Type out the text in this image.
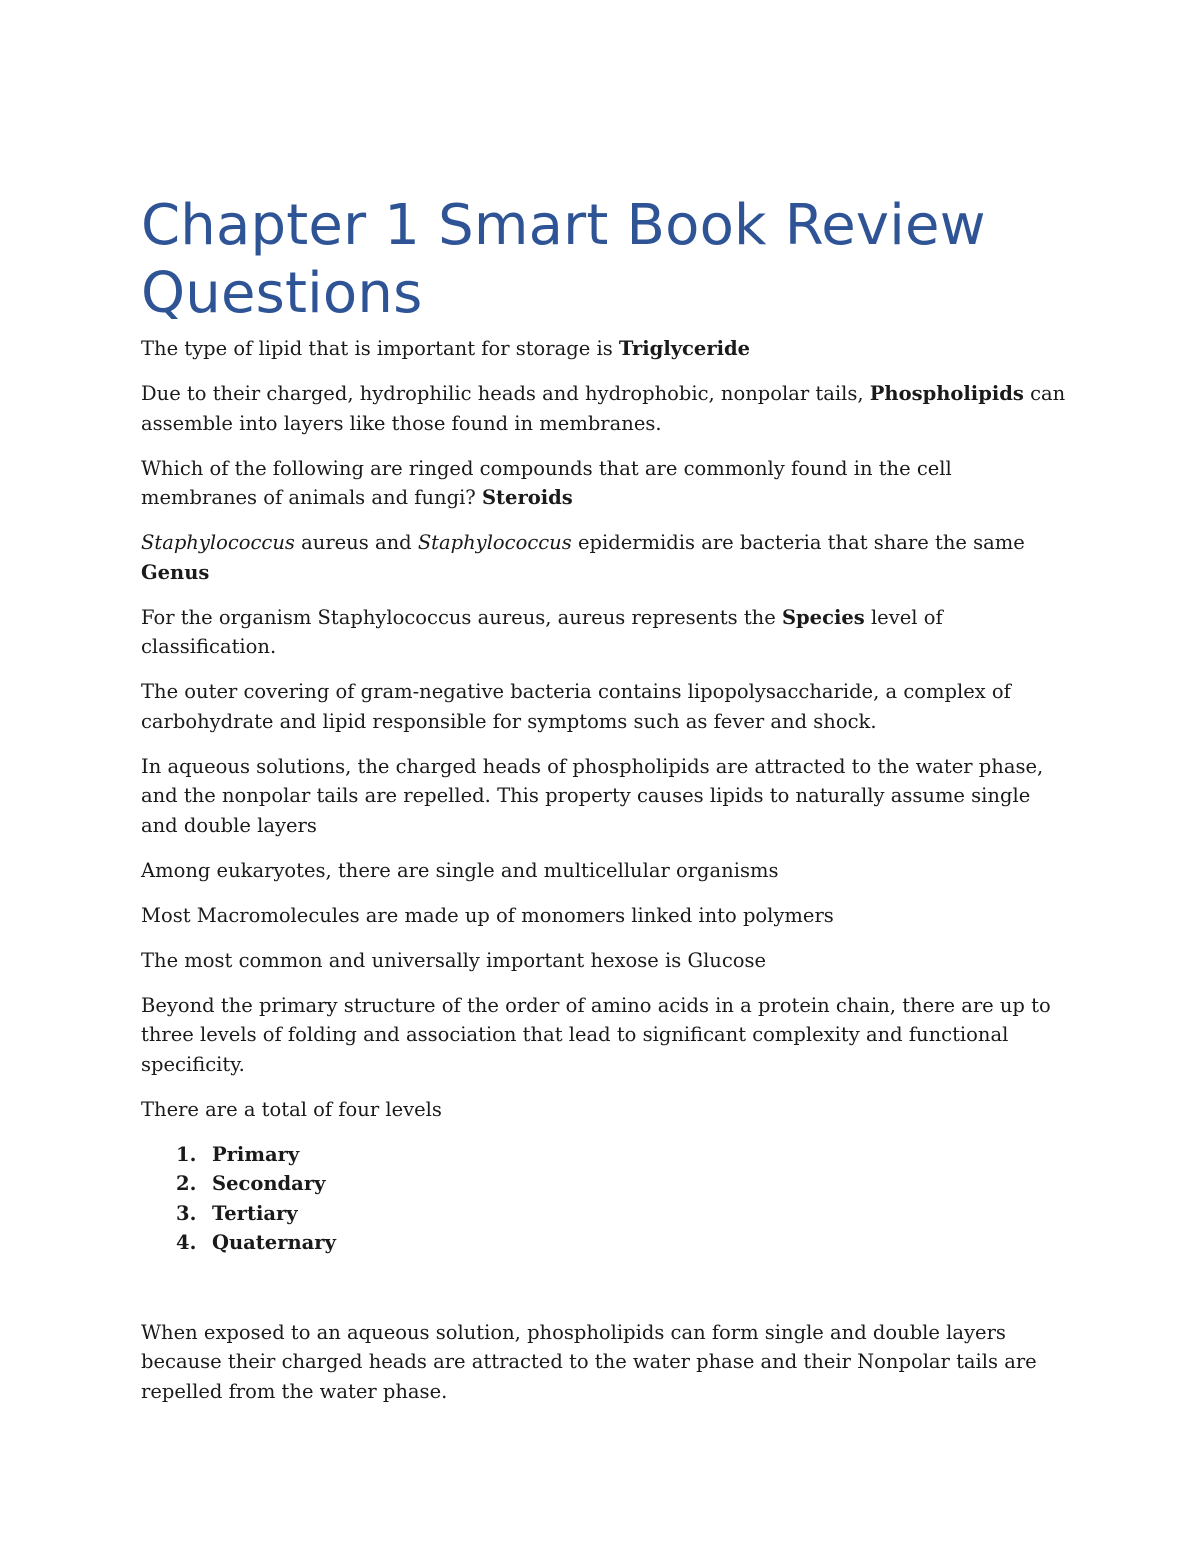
Chapter 1 Smart Book Review Questions

The type of lipid that is important for storage is Triglyceride

Due to their charged, hydrophilic heads and hydrophobic, nonpolar tails, Phospholipids can assemble into layers like those found in membranes.

Which of the following are ringed compounds that are commonly found in the cell membranes of animals and fungi? Steroids

Staphylococcus aureus and Staphylococcus epidermidis are bacteria that share the same Genus

For the organism Staphylococcus aureus, aureus represents the Species level of classification.

The outer covering of gram-negative bacteria contains lipopolysaccharide, a complex of carbohydrate and lipid responsible for symptoms such as fever and shock.

In aqueous solutions, the charged heads of phospholipids are attracted to the water phase, and the nonpolar tails are repelled. This property causes lipids to naturally assume single and double layers

Among eukaryotes, there are single and multicellular organisms

Most Macromolecules are made up of monomers linked into polymers

The most common and universally important hexose is Glucose

Beyond the primary structure of the order of amino acids in a protein chain, there are up to three levels of folding and association that lead to significant complexity and functional specificity.

There are a total of four levels

1. Primary
2. Secondary
3. Tertiary
4. Quaternary

When exposed to an aqueous solution, phospholipids can form single and double layers because their charged heads are attracted to the water phase and their Nonpolar tails are repelled from the water phase.
